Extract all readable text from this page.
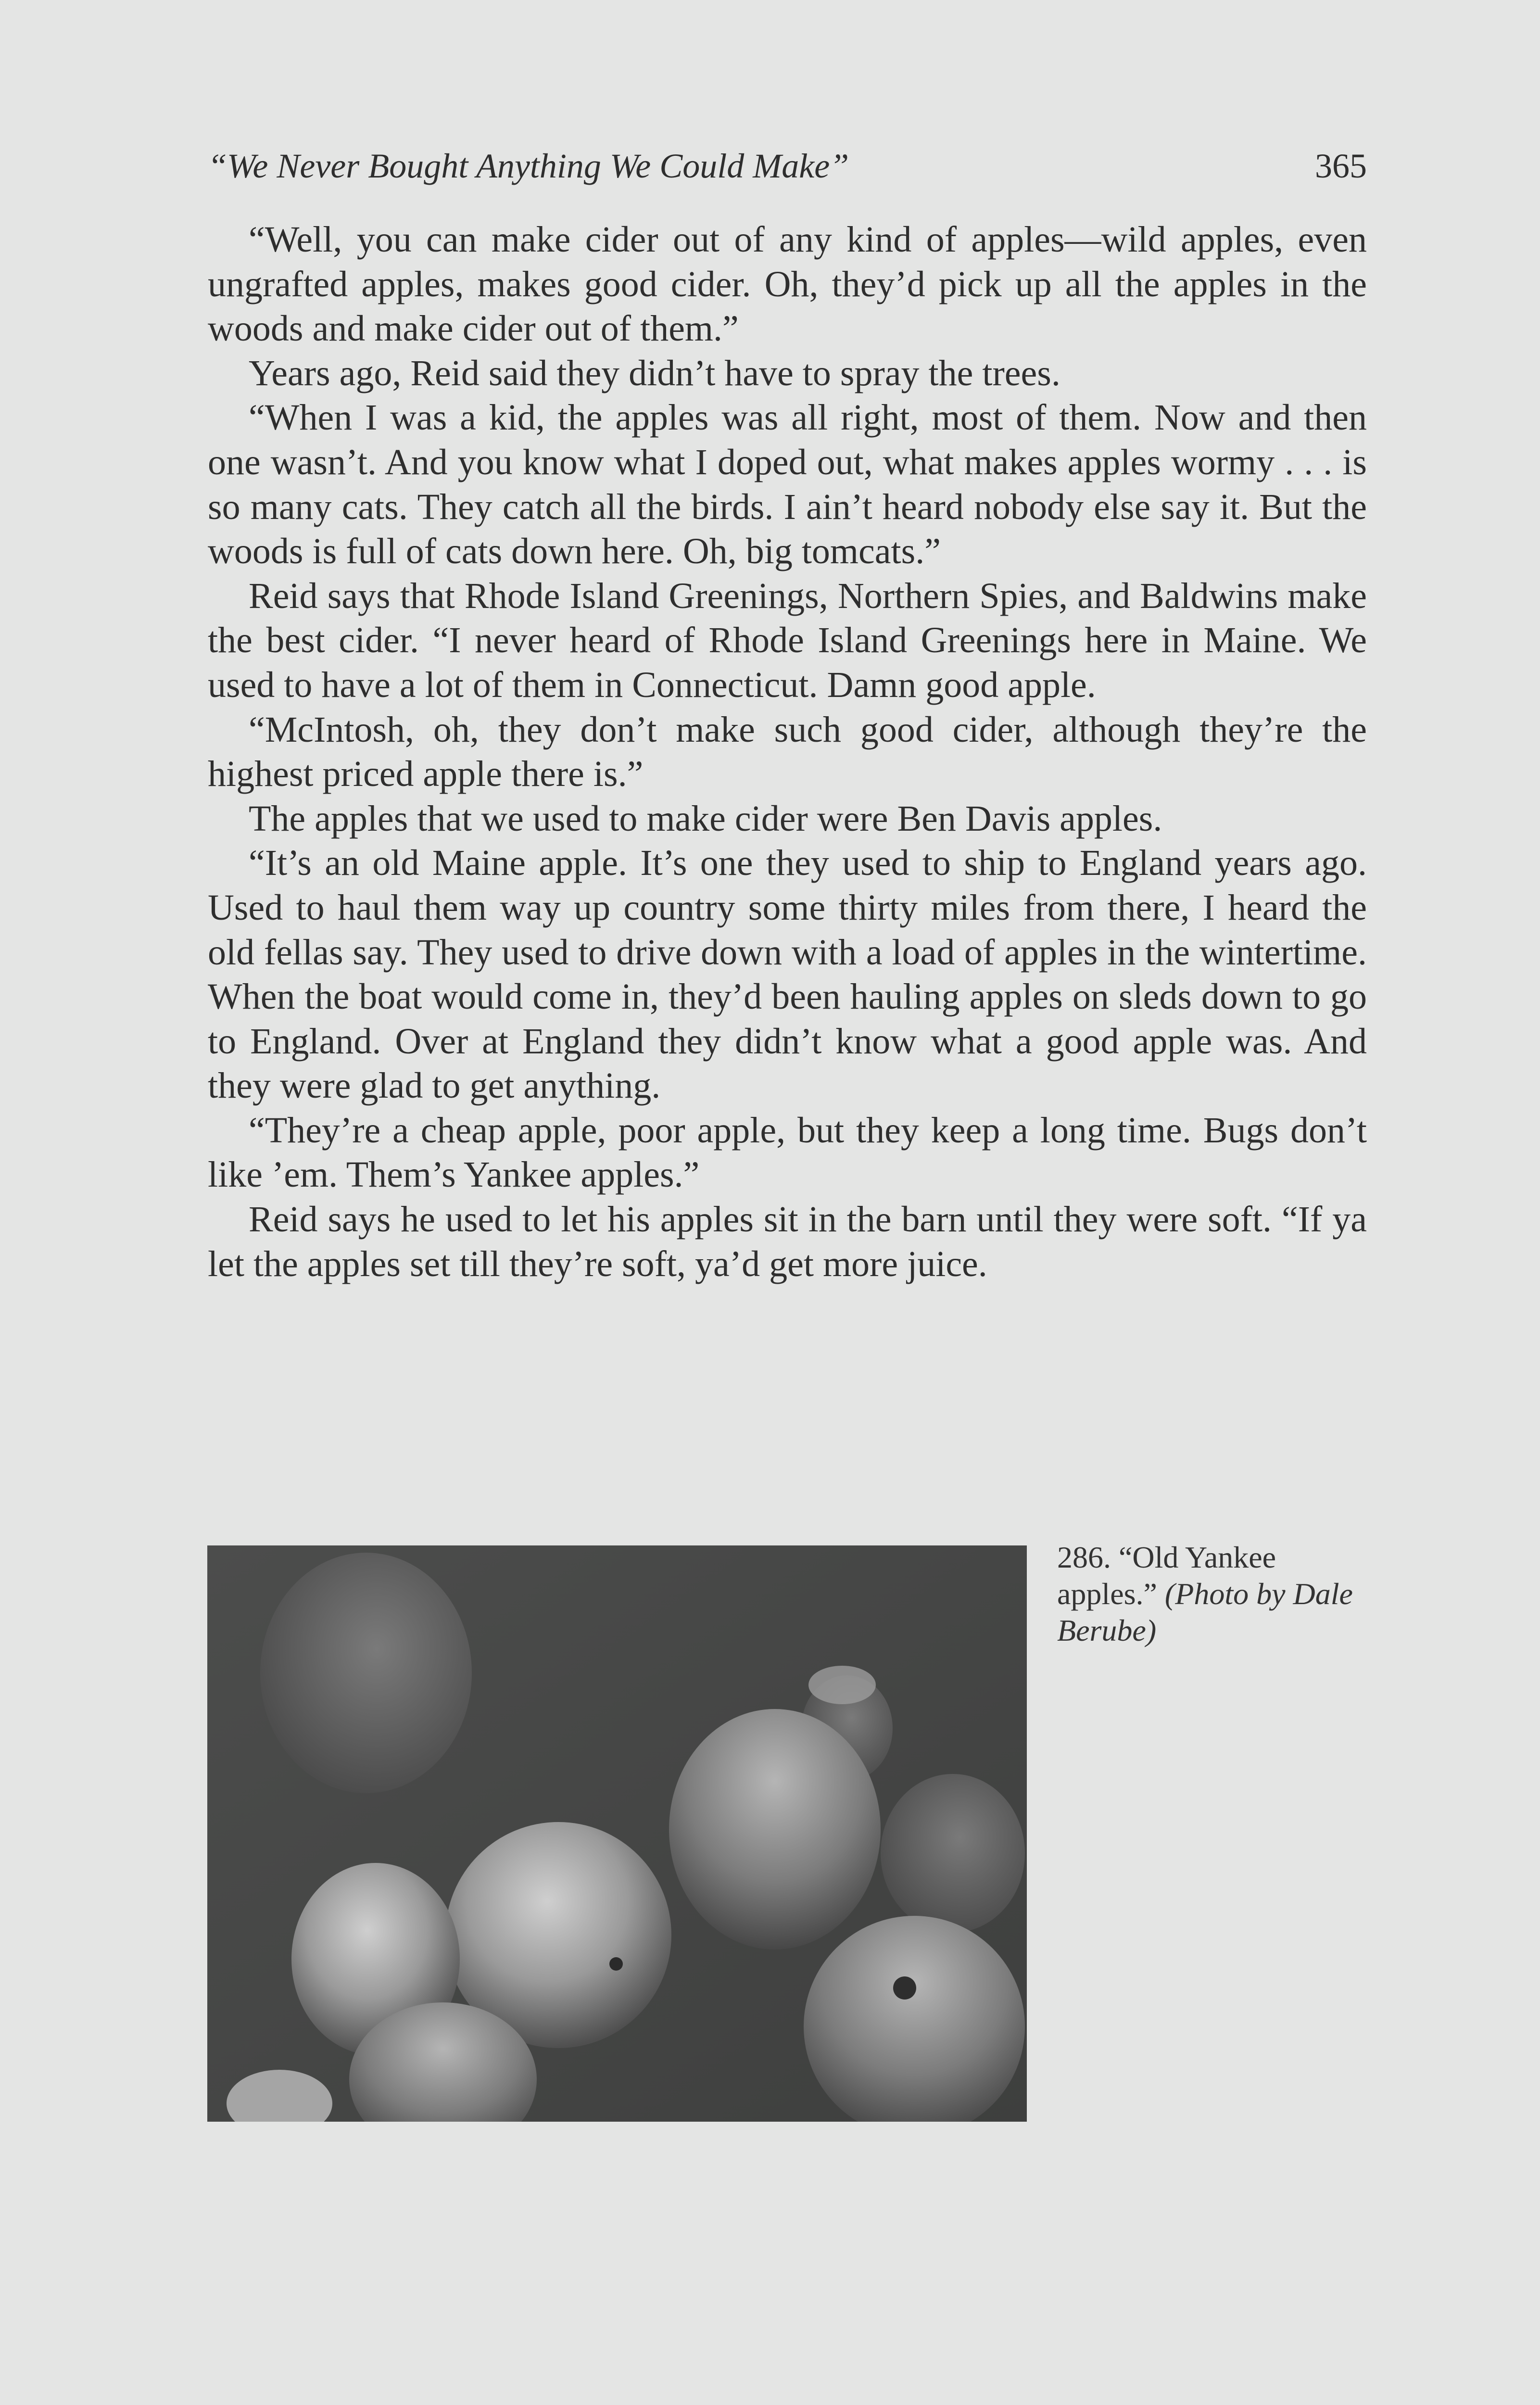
“We Never Bought Anything We Could Make”	365

“Well, you can make cider out of any kind of apples—wild apples, even ungrafted apples, makes good cider. Oh, they’d pick up all the apples in the woods and make cider out of them.”

Years ago, Reid said they didn’t have to spray the trees.

“When I was a kid, the apples was all right, most of them. Now and then one wasn’t. And you know what I doped out, what makes apples wormy . . . is so many cats. They catch all the birds. I ain’t heard nobody else say it. But the woods is full of cats down here. Oh, big tomcats.”

Reid says that Rhode Island Greenings, Northern Spies, and Baldwins make the best cider. “I never heard of Rhode Island Greenings here in Maine. We used to have a lot of them in Connecticut. Damn good apple.

“McIntosh, oh, they don’t make such good cider, although they’re the highest priced apple there is.”

The apples that we used to make cider were Ben Davis apples.

“It’s an old Maine apple. It’s one they used to ship to England years ago. Used to haul them way up country some thirty miles from there, I heard the old fellas say. They used to drive down with a load of apples in the wintertime. When the boat would come in, they’d been hauling apples on sleds down to go to England. Over at England they didn’t know what a good apple was. And they were glad to get anything.

“They’re a cheap apple, poor apple, but they keep a long time. Bugs don’t like ’em. Them’s Yankee apples.”

Reid says he used to let his apples sit in the barn until they were soft. “If ya let the apples set till they’re soft, ya’d get more juice.

286. “Old Yankee apples.” (Photo by Dale Berube)
